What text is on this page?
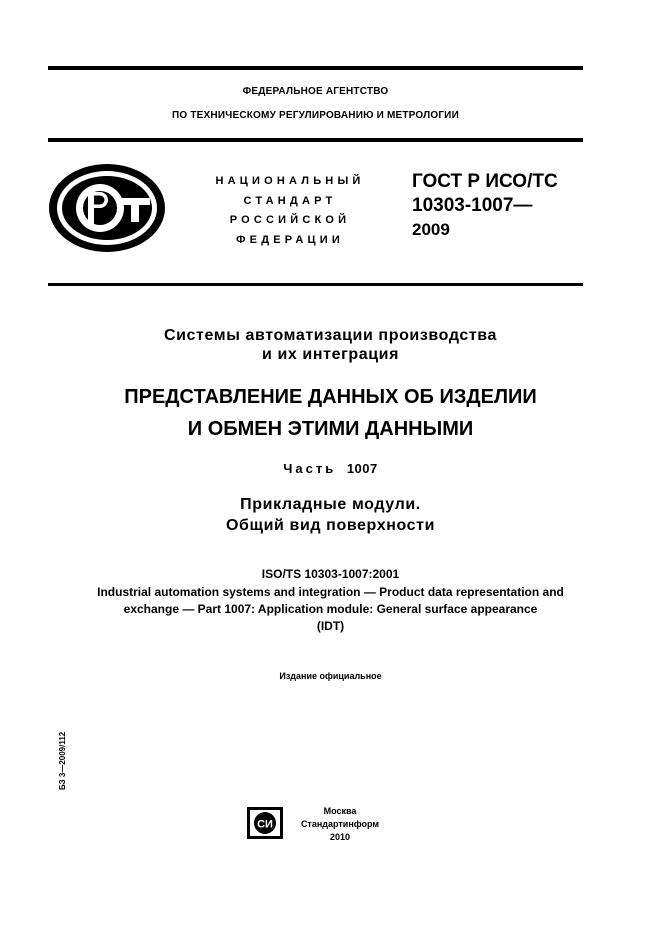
ФЕДЕРАЛЬНОЕ АГЕНТСТВО
ПО ТЕХНИЧЕСКОМУ РЕГУЛИРОВАНИЮ И МЕТРОЛОГИИ
НАЦИОНАЛЬНЫЙ
СТАНДАРТ
РОССИЙСКОЙ
ФЕДЕРАЦИИ
ГОСТ Р ИСО/ТС
10303-1007—
2009
Системы автоматизации производства
и их интеграция
ПРЕДСТАВЛЕНИЕ ДАННЫХ ОБ ИЗДЕЛИИ
И ОБМЕН ЭТИМИ ДАННЫМИ
Часть 1007
Прикладные модули.
Общий вид поверхности
ISO/TS 10303-1007:2001
Industrial automation systems and integration — Product data representation and
exchange — Part 1007: Application module: General surface appearance
(IDT)
Издание официальное
БЗ 3—2009/112
СИ
Москва
Стандартинформ
2010
